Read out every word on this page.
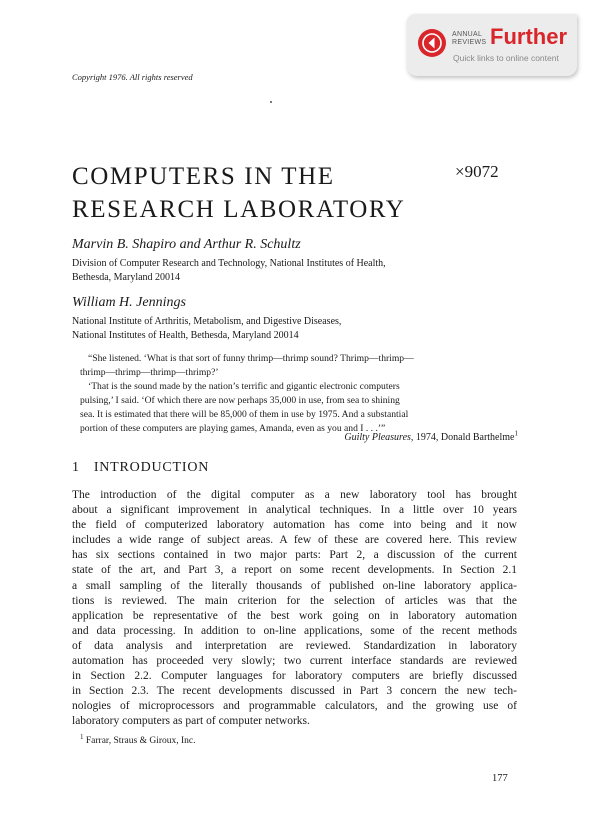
ANNUAL
REVIEWS Further
Quick links to online content
Copyright 1976. All rights reserved
COMPUTERS IN THE
RESEARCH LABORATORY
×9072
Marvin B. Shapiro and Arthur R. Schultz
Division of Computer Research and Technology, National Institutes of Health,
Bethesda, Maryland 20014
William H. Jennings
National Institute of Arthritis, Metabolism, and Digestive Diseases,
National Institutes of Health, Bethesda, Maryland 20014
“She listened. ‘What is that sort of funny thrimp—thrimp sound? Thrimp—thrimp—
thrimp—thrimp—thrimp—thrimp?’
‘That is the sound made by the nation’s terrific and gigantic electronic computers
pulsing,’ I said. ‘Of which there are now perhaps 35,000 in use, from sea to shining
sea. It is estimated that there will be 85,000 of them in use by 1975. And a substantial
portion of these computers are playing games, Amanda, even as you and I . . .’”
Guilty Pleasures, 1974, Donald Barthelme$^1$
1 INTRODUCTION
The introduction of the digital computer as a new laboratory tool has brought
about a significant improvement in analytical techniques. In a little over 10 years
the field of computerized laboratory automation has come into being and it now
includes a wide range of subject areas. A few of these are covered here. This review
has six sections contained in two major parts: Part 2, a discussion of the current
state of the art, and Part 3, a report on some recent developments. In Section 2.1
a small sampling of the literally thousands of published on-line laboratory applica-
tions is reviewed. The main criterion for the selection of articles was that the
application be representative of the best work going on in laboratory automation
and data processing. In addition to on-line applications, some of the recent methods
of data analysis and interpretation are reviewed. Standardization in laboratory
automation has proceeded very slowly; two current interface standards are reviewed
in Section 2.2. Computer languages for laboratory computers are briefly discussed
in Section 2.3. The recent developments discussed in Part 3 concern the new tech-
nologies of microprocessors and programmable calculators, and the growing use of
laboratory computers as part of computer networks.
$^1$ Farrar, Straus & Giroux, Inc.
177
